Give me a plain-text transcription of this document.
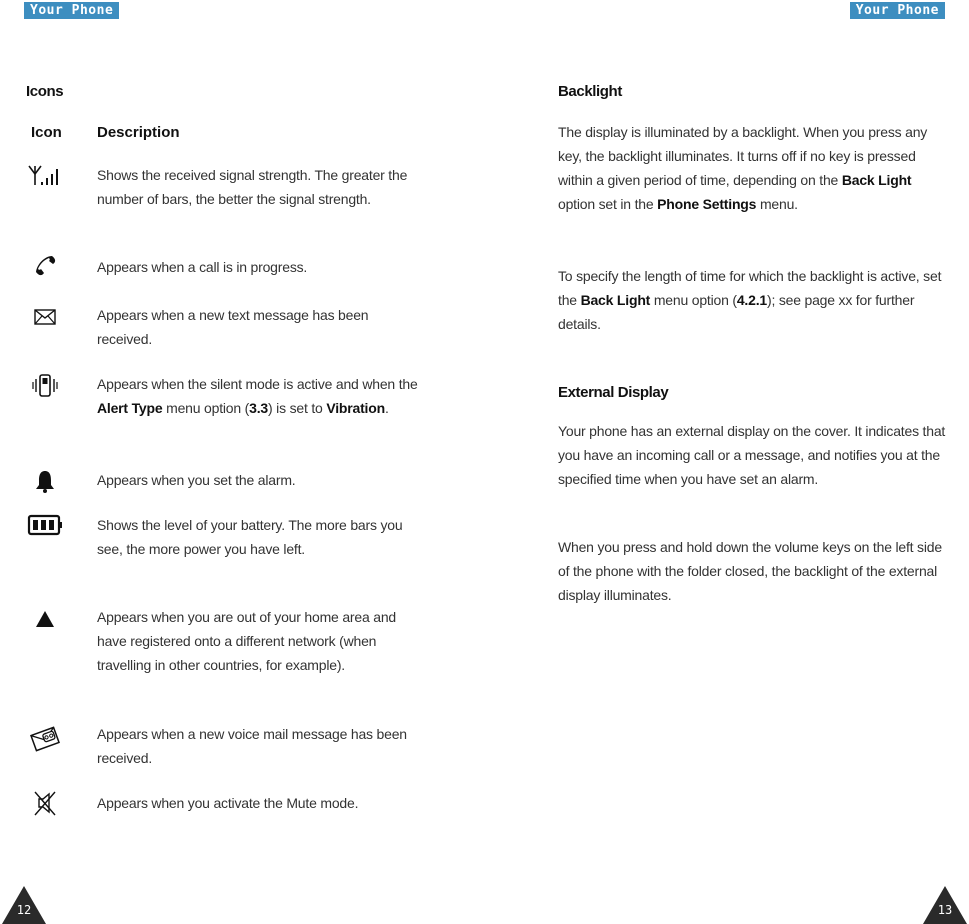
Your Phone	Your Phone
Icons
Icon Description
Shows the received signal strength. The greater the number of bars, the better the signal strength.
Appears when a call is in progress.
Appears when a new text message has been received.
Appears when the silent mode is active and when the Alert Type menu option (3.3) is set to Vibration.
Appears when you set the alarm.
Shows the level of your battery. The more bars you see, the more power you have left.
Appears when you are out of your home area and have registered onto a different network (when travelling in other countries, for example).
Appears when a new voice mail message has been received.
Appears when you activate the Mute mode.
Backlight
The display is illuminated by a backlight. When you press any key, the backlight illuminates. It turns off if no key is pressed within a given period of time, depending on the Back Light option set in the Phone Settings menu.
To specify the length of time for which the backlight is active, set the Back Light menu option (4.2.1); see page xx for further details.
External Display
Your phone has an external display on the cover. It indicates that you have an incoming call or a message, and notifies you at the specified time when you have set an alarm.
When you press and hold down the volume keys on the left side of the phone with the folder closed, the backlight of the external display illuminates.
12	13
